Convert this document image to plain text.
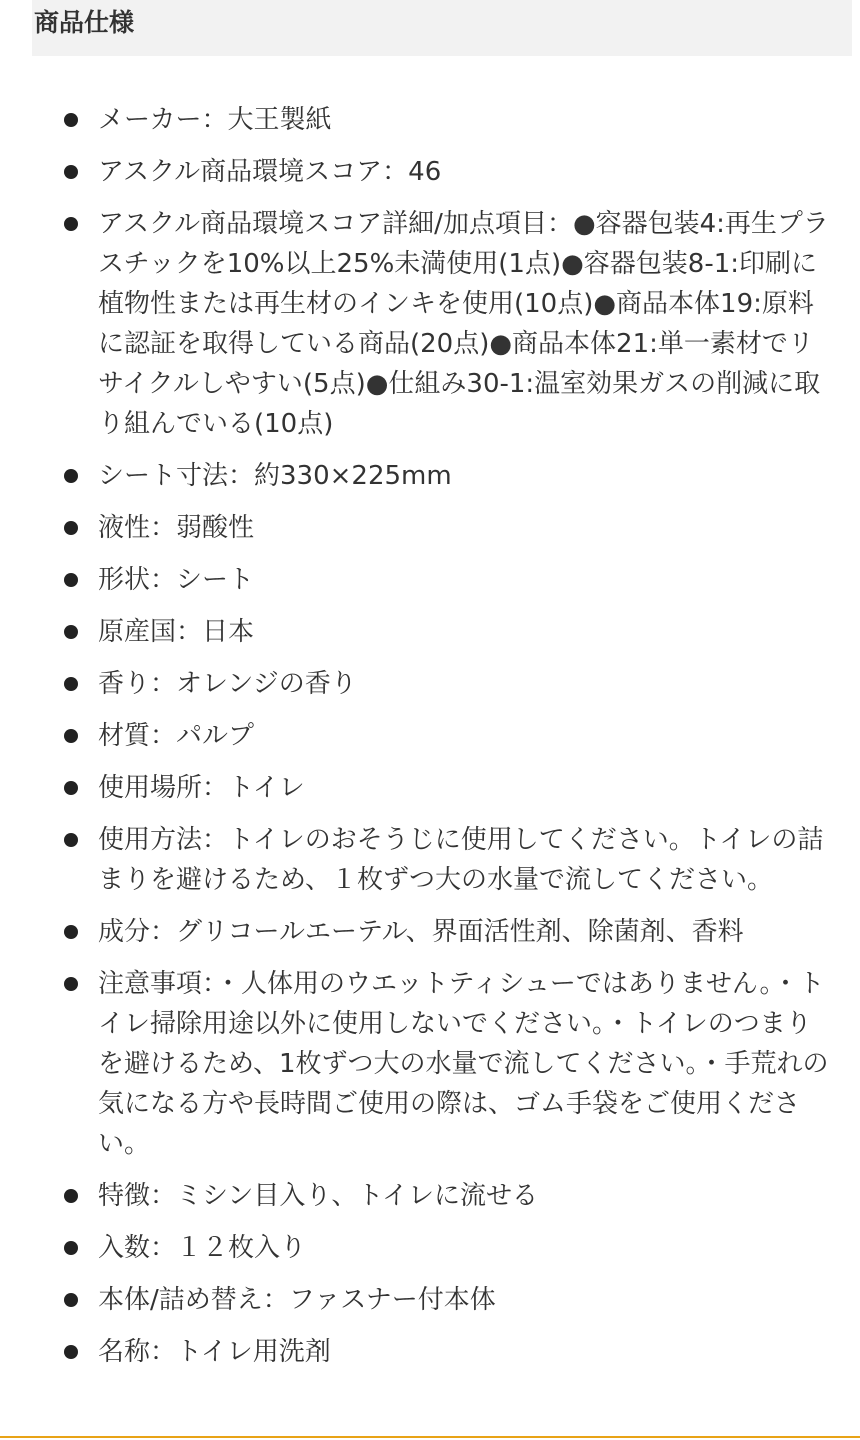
商品仕様
メーカー：大王製紙
アスクル商品環境スコア：46
アスクル商品環境スコア詳細/加点項目：●容器包装4:再生プラスチックを10%以上25%未満使用(1点)●容器包装8-1:印刷に植物性または再生材のインキを使用(10点)●商品本体19:原料に認証を取得している商品(20点)●商品本体21:単一素材でリサイクルしやすい(5点)●仕組み30-1:温室効果ガスの削減に取り組んでいる(10点)
シート寸法：約330×225mm
液性：弱酸性
形状：シート
原産国：日本
香り：オレンジの香り
材質：パルプ
使用場所：トイレ
使用方法：トイレのおそうじに使用してください。トイレの詰まりを避けるため、１枚ずつ大の水量で流してください。
成分：グリコールエーテル、界面活性剤、除菌剤、香料
注意事項：・人体用のウエットティシューではありません。・トイレ掃除用途以外に使用しないでください。・トイレのつまりを避けるため、1枚ずつ大の水量で流してください。・手荒れの気になる方や長時間ご使用の際は、ゴム手袋をご使用ください。
特徴：ミシン目入り、トイレに流せる
入数：１２枚入り
本体/詰め替え：ファスナー付本体
名称：トイレ用洗剤
